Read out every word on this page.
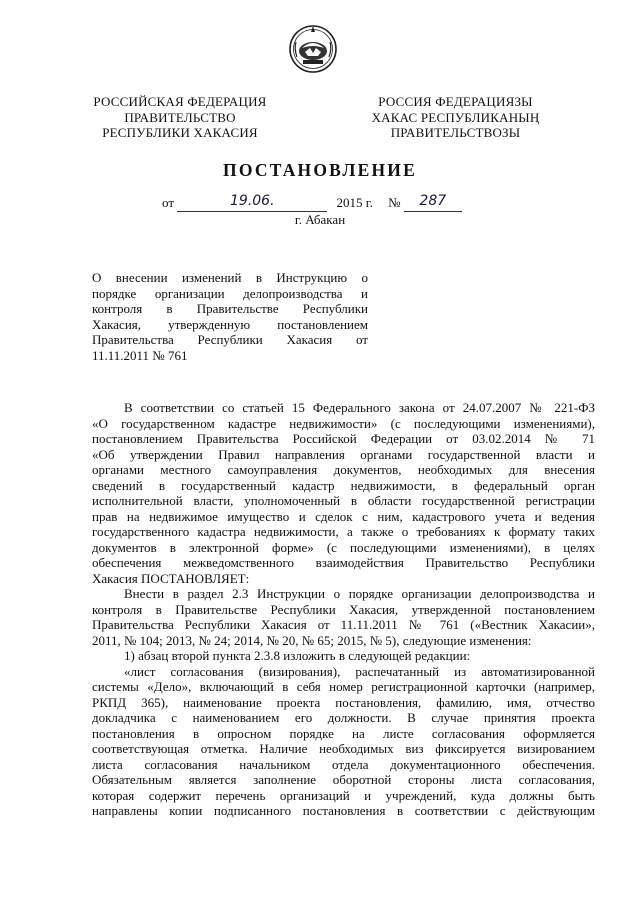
РОССИЙСКАЯ ФЕДЕРАЦИЯ
ПРАВИТЕЛЬСТВО
РЕСПУБЛИКИ ХАКАСИЯ
РОССИЯ ФЕДЕРАЦИЯЗЫ
ХАКАС РЕСПУБЛИКАНЫҢ
ПРАВИТЕЛЬСТВОЗЫ
ПОСТАНОВЛЕНИЕ
от	19.06.	2015 г. № 287
г. Абакан
О внесении изменений в Инструкцию о
порядке организации делопроизводства и
контроля в Правительстве Республики
Хакасия, утвержденную постановлением
Правительства Республики Хакасия от
11.11.2011 № 761
В соответствии со статьей 15 Федерального закона от 24.07.2007 № 221-ФЗ
«О государственном кадастре недвижимости» (с последующими изменениями),
постановлением Правительства Российской Федерации от 03.02.2014 № 71
«Об утверждении Правил направления органами государственной власти и
органами местного самоуправления документов, необходимых для внесения
сведений в государственный кадастр недвижимости, в федеральный орган
исполнительной власти, уполномоченный в области государственной регистрации
прав на недвижимое имущество и сделок с ним, кадастрового учета и ведения
государственного кадастра недвижимости, а также о требованиях к формату таких
документов в электронной форме» (с последующими изменениями), в целях
обеспечения межведомственного взаимодействия Правительство Республики
Хакасия ПОСТАНОВЛЯЕТ:
Внести в раздел 2.3 Инструкции о порядке организации делопроизводства и
контроля в Правительстве Республики Хакасия, утвержденной постановлением
Правительства Республики Хакасия от 11.11.2011 № 761 («Вестник Хакасии»,
2011, № 104; 2013, № 24; 2014, № 20, № 65; 2015, № 5), следующие изменения:
1) абзац второй пункта 2.3.8 изложить в следующей редакции:
«лист согласования (визирования), распечатанный из автоматизированной
системы «Дело», включающий в себя номер регистрационной карточки (например,
РКПД 365), наименование проекта постановления, фамилию, имя, отчество
докладчика с наименованием его должности. В случае принятия проекта
постановления в опросном порядке на листе согласования оформляется
соответствующая отметка. Наличие необходимых виз фиксируется визированием
листа согласования начальником отдела документационного обеспечения.
Обязательным является заполнение оборотной стороны листа согласования,
которая содержит перечень организаций и учреждений, куда должны быть
направлены копии подписанного постановления в соответствии с действующим
